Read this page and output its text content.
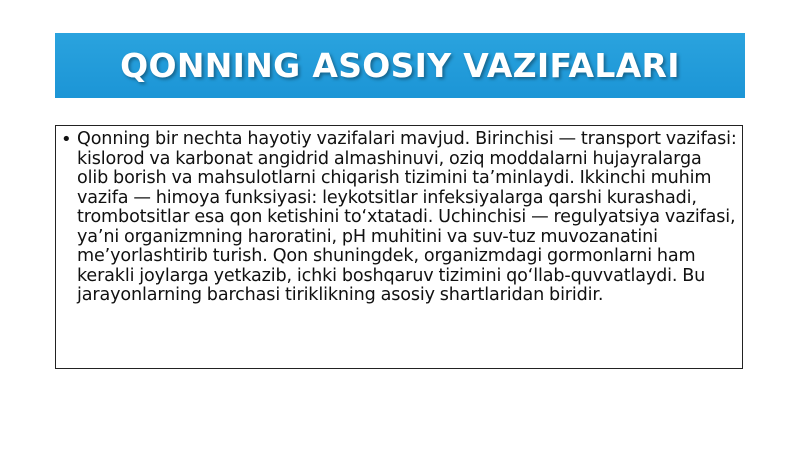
QONNING ASOSIY VAZIFALARI
• Qonning bir nechta hayotiy vazifalari mavjud. Birinchisi — transport vazifasi: kislorod va karbonat angidrid almashinuvi, oziq moddalarni hujayralarga olib borish va mahsulotlarni chiqarish tizimini ta’minlaydi. Ikkinchi muhim vazifa — himoya funksiyasi: leykotsitlar infeksiyalarga qarshi kurashadi, trombotsitlar esa qon ketishini to‘xtatadi. Uchinchisi — regulyatsiya vazifasi, ya’ni organizmning haroratini, pH muhitini va suv-tuz muvozanatini me’yorlashtirib turish. Qon shuningdek, organizmdagi gormonlarni ham kerakli joylarga yetkazib, ichki boshqaruv tizimini qo‘llab-quvvatlaydi. Bu jarayonlarning barchasi tiriklikning asosiy shartlaridan biridir.
